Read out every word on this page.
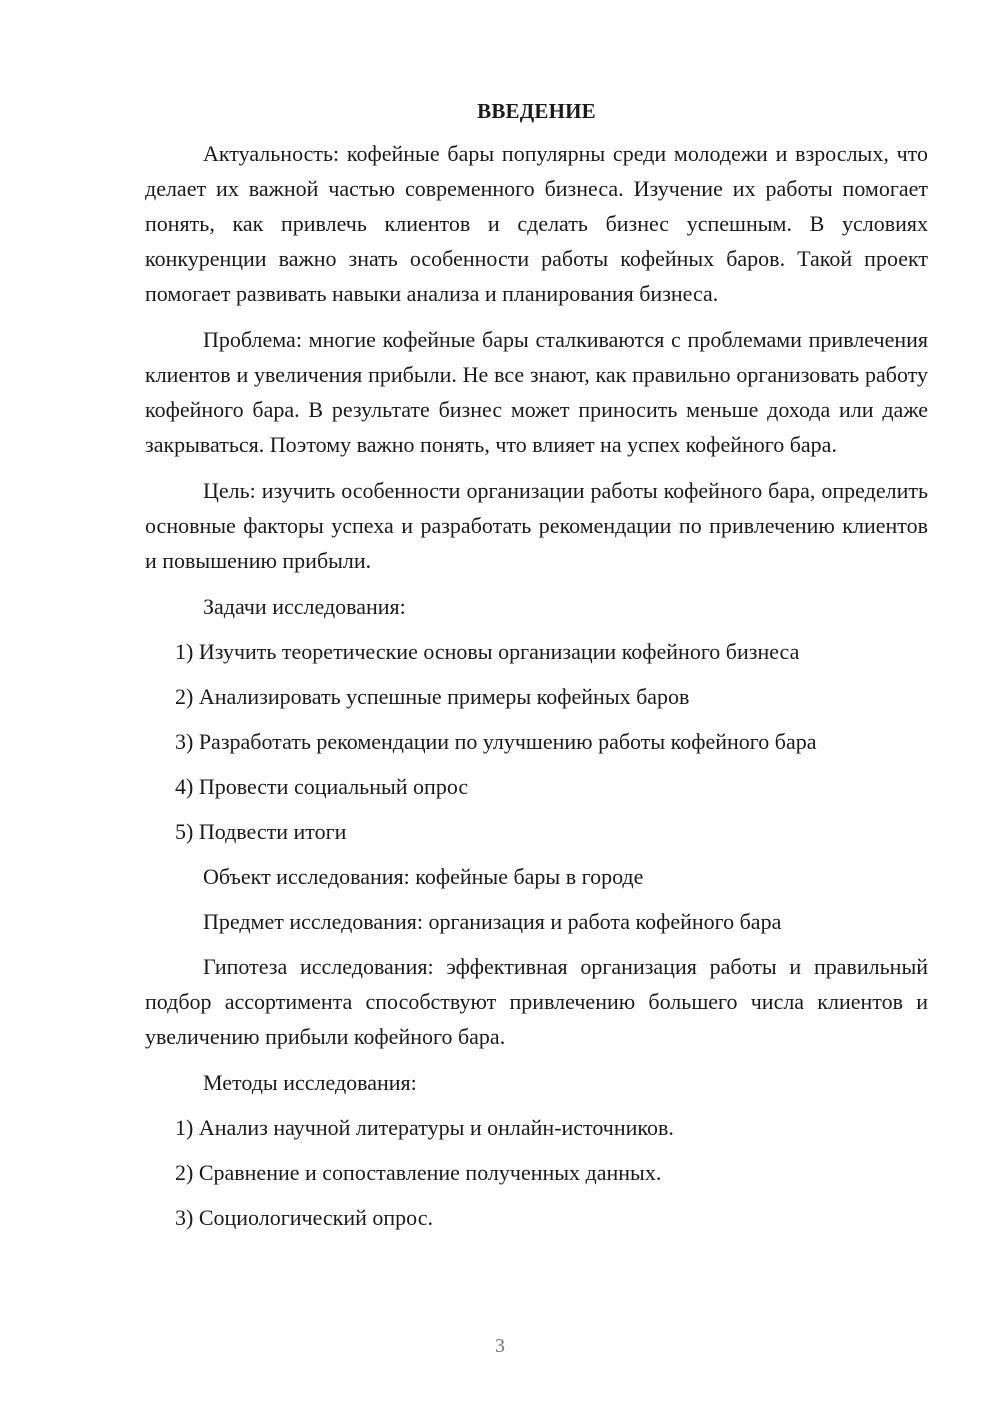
ВВЕДЕНИЕ

Актуальность: кофейные бары популярны среди молодежи и взрослых, что делает их важной частью современного бизнеса. Изучение их работы помогает понять, как привлечь клиентов и сделать бизнес успешным. В условиях конкуренции важно знать особенности работы кофейных баров. Такой проект помогает развивать навыки анализа и планирования бизнеса.

Проблема: многие кофейные бары сталкиваются с проблемами привлечения клиентов и увеличения прибыли. Не все знают, как правильно организовать работу кофейного бара. В результате бизнес может приносить меньше дохода или даже закрываться. Поэтому важно понять, что влияет на успех кофейного бара.

Цель: изучить особенности организации работы кофейного бара, определить основные факторы успеха и разработать рекомендации по привлечению клиентов и повышению прибыли.

Задачи исследования:
1) Изучить теоретические основы организации кофейного бизнеса
2) Анализировать успешные примеры кофейных баров
3) Разработать рекомендации по улучшению работы кофейного бара
4) Провести социальный опрос
5) Подвести итоги

Объект исследования: кофейные бары в городе

Предмет исследования: организация и работа кофейного бара

Гипотеза исследования: эффективная организация работы и правильный подбор ассортимента способствуют привлечению большего числа клиентов и увеличению прибыли кофейного бара.

Методы исследования:
1) Анализ научной литературы и онлайн-источников.
2) Сравнение и сопоставление полученных данных.
3) Социологический опрос.
3
